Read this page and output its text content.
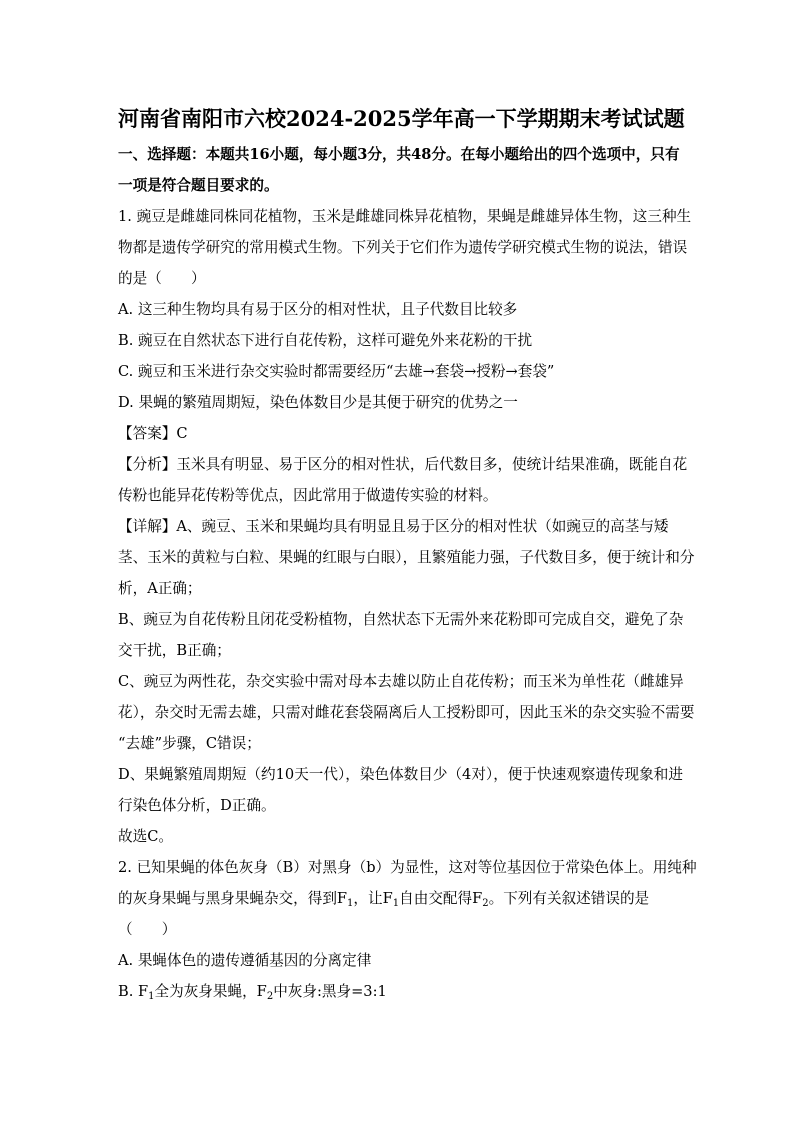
河南省南阳市六校2024-2025学年高一下学期期末考试试题
一、选择题：本题共16小题，每小题3分，共48分。在每小题给出的四个选项中，只有
一项是符合题目要求的。
1. 豌豆是雌雄同株同花植物，玉米是雌雄同株异花植物，果蝇是雌雄异体生物，这三种生
物都是遗传学研究的常用模式生物。下列关于它们作为遗传学研究模式生物的说法，错误
的是（　　）
A. 这三种生物均具有易于区分的相对性状，且子代数目比较多
B. 豌豆在自然状态下进行自花传粉，这样可避免外来花粉的干扰
C. 豌豆和玉米进行杂交实验时都需要经历“去雄→套袋→授粉→套袋”
D. 果蝇的繁殖周期短，染色体数目少是其便于研究的优势之一
【答案】C
【分析】玉米具有明显、易于区分的相对性状，后代数目多，使统计结果准确，既能自花
传粉也能异花传粉等优点，因此常用于做遗传实验的材料。
【详解】A、豌豆、玉米和果蝇均具有明显且易于区分的相对性状（如豌豆的高茎与矮
茎、玉米的黄粒与白粒、果蝇的红眼与白眼），且繁殖能力强，子代数目多，便于统计和分
析，A正确；
B、豌豆为自花传粉且闭花受粉植物，自然状态下无需外来花粉即可完成自交，避免了杂
交干扰，B正确；
C、豌豆为两性花，杂交实验中需对母本去雄以防止自花传粉；而玉米为单性花（雌雄异
花），杂交时无需去雄，只需对雌花套袋隔离后人工授粉即可，因此玉米的杂交实验不需要
“去雄”步骤，C错误；
D、果蝇繁殖周期短（约10天一代），染色体数目少（4对），便于快速观察遗传现象和进
行染色体分析，D正确。
故选C。
2. 已知果蝇的体色灰身（B）对黑身（b）为显性，这对等位基因位于常染色体上。用纯种
的灰身果蝇与黑身果蝇杂交，得到$F_1$，让$F_1$自由交配得$F_2$。下列有关叙述错误的是
（　　）
A. 果蝇体色的遗传遵循基因的分离定律
B. $F_1$全为灰身果蝇，$F_2$中灰身:黑身=3:1
